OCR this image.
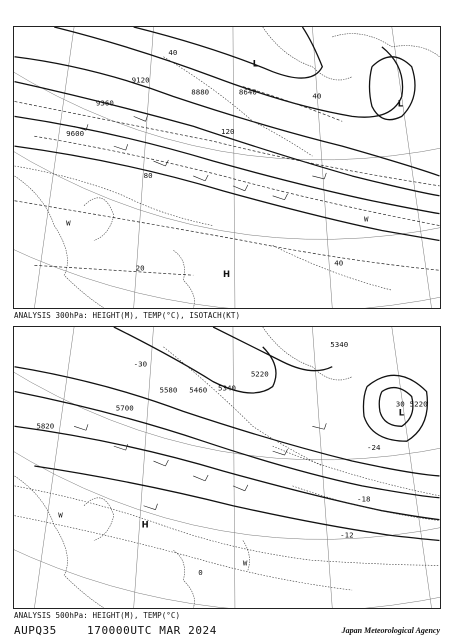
9120
9360
9600
8880	8640
40
40
40
80
120
20
H
L
L
W	W
ANALYSIS 300hPa: HEIGHT(M), TEMP(°C), ISOTACH(KT)
5700
5580 5460 5340
5220
5220
5340
5820
-12
-18
-24
-30
0
30
H
L
W
W
ANALYSIS 500hPa: HEIGHT(M), TEMP(°C)
AUPQ35	170000UTC MAR 2024	Japan Meteorological Agency
